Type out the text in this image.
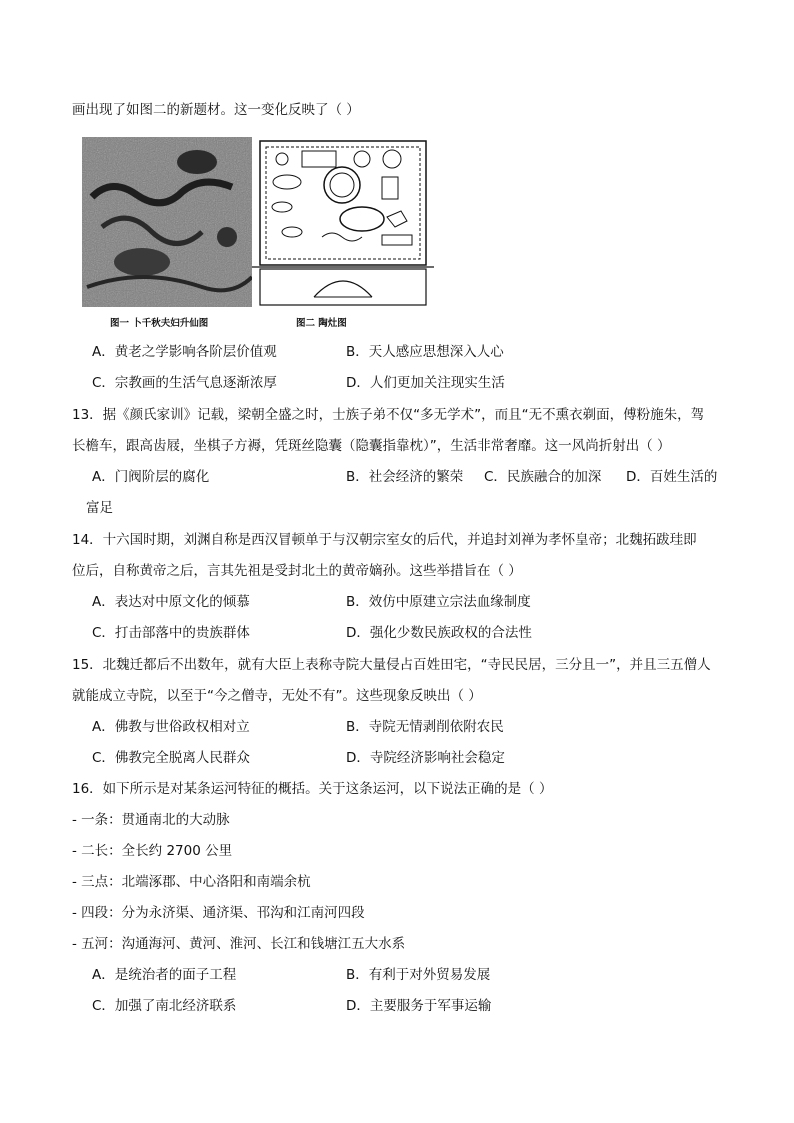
画出现了如图二的新题材。这一变化反映了（ ）
图一 卜千秋夫妇升仙图	图二 陶灶图
A．黄老之学影响各阶层价值观	B．天人感应思想深入人心
C．宗教画的生活气息逐渐浓厚	D．人们更加关注现实生活
13．据《颜氏家训》记载，梁朝全盛之时，士族子弟不仅“多无学术”，而且“无不熏衣剃面，傅粉施朱，驾
长檐车，跟高齿屐，坐棋子方褥，凭斑丝隐囊（隐囊指靠枕）”，生活非常奢靡。这一风尚折射出（ ）
A．门阀阶层的腐化	B．社会经济的繁荣 C．民族融合的加深 D．百姓生活的
富足
14．十六国时期，刘渊自称是西汉冒顿单于与汉朝宗室女的后代，并追封刘禅为孝怀皇帝；北魏拓跋珪即
位后，自称黄帝之后，言其先祖是受封北土的黄帝嫡孙。这些举措旨在（ ）
A．表达对中原文化的倾慕	B．效仿中原建立宗法血缘制度
C．打击部落中的贵族群体	D．强化少数民族政权的合法性
15．北魏迁都后不出数年，就有大臣上表称寺院大量侵占百姓田宅，“寺民民居，三分且一”，并且三五僧人
就能成立寺院，以至于“今之僧寺，无处不有”。这些现象反映出（ ）
A．佛教与世俗政权相对立	B．寺院无情剥削依附农民
C．佛教完全脱离人民群众	D．寺院经济影响社会稳定
16．如下所示是对某条运河特征的概括。关于这条运河，以下说法正确的是（ ）
- 一条：贯通南北的大动脉
- 二长：全长约 2700 公里
- 三点：北端涿郡、中心洛阳和南端余杭
- 四段：分为永济渠、通济渠、邗沟和江南河四段
- 五河：沟通海河、黄河、淮河、长江和钱塘江五大水系
A．是统治者的面子工程	B．有利于对外贸易发展
C．加强了南北经济联系	D．主要服务于军事运输
